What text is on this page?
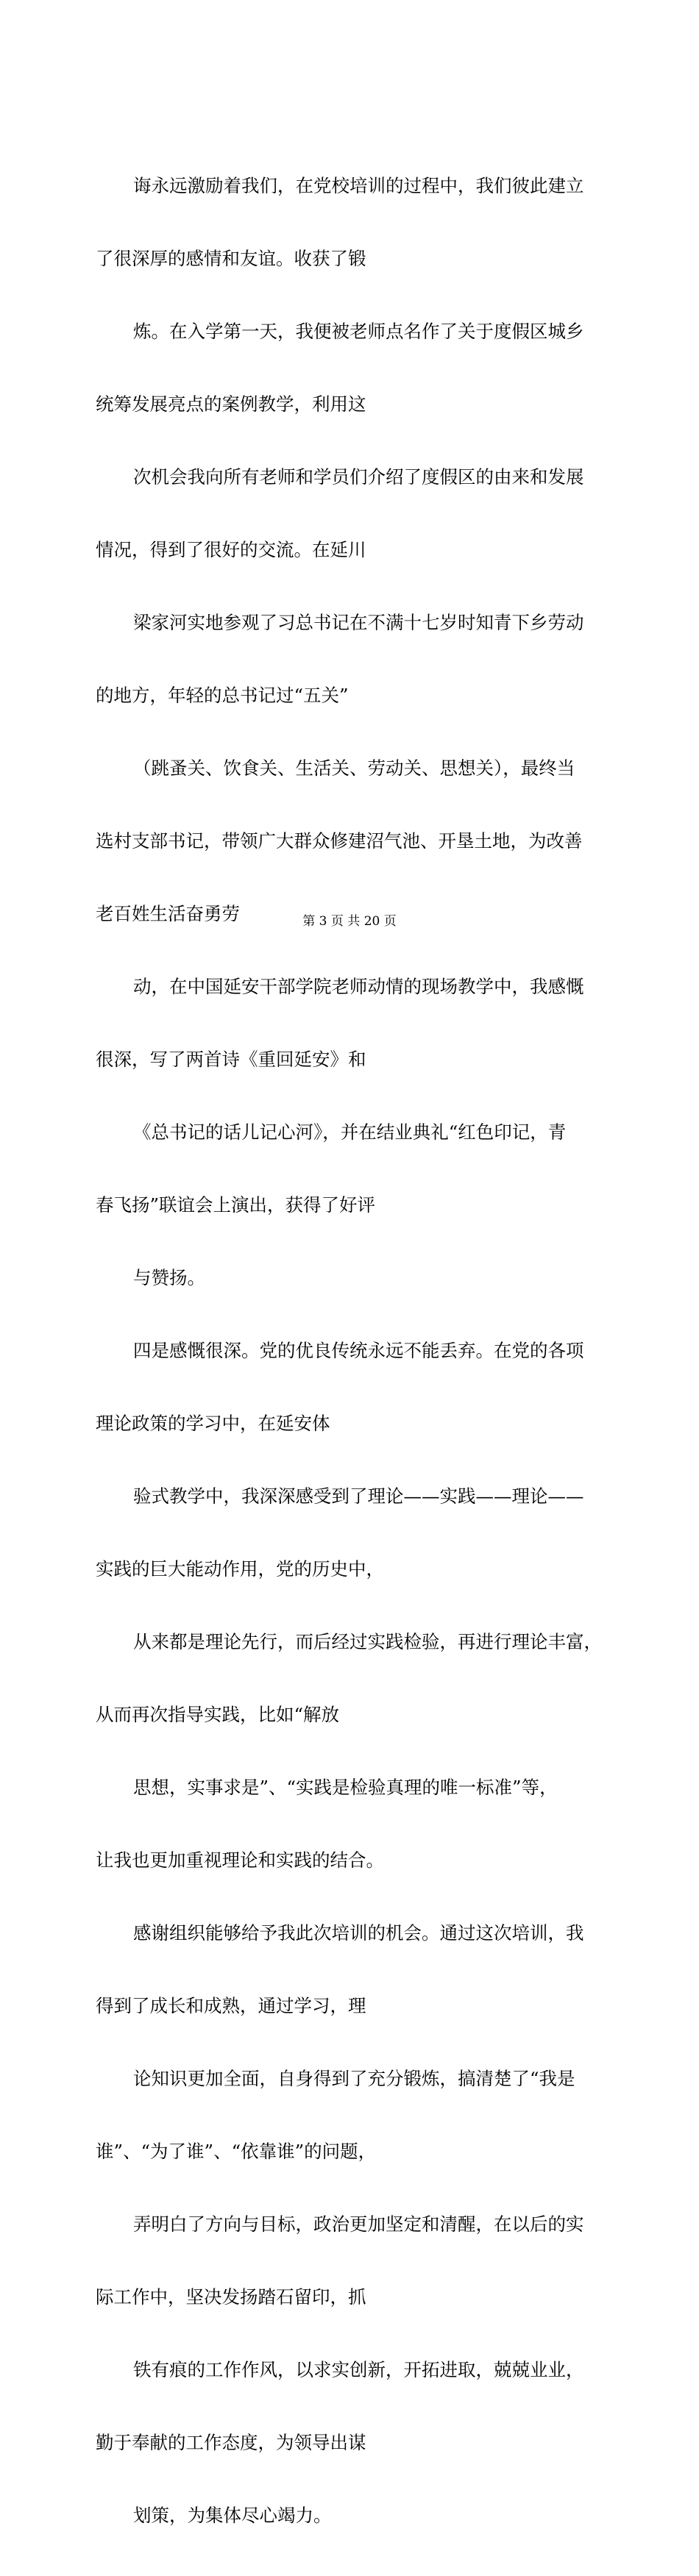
诲永远激励着我们，在党校培训的过程中，我们彼此建立

了很深厚的感情和友谊。收获了锻

炼。在入学第一天，我便被老师点名作了关于度假区城乡

统筹发展亮点的案例教学，利用这

次机会我向所有老师和学员们介绍了度假区的由来和发展

情况，得到了很好的交流。在延川

梁家河实地参观了习总书记在不满十七岁时知青下乡劳动

的地方，年轻的总书记过“五关”

（跳蚤关、饮食关、生活关、劳动关、思想关），最终当

选村支部书记，带领广大群众修建沼气池、开垦土地，为改善

老百姓生活奋勇劳

动，在中国延安干部学院老师动情的现场教学中，我感慨

很深，写了两首诗《重回延安》和

《总书记的话儿记心河》，并在结业典礼“红色印记，青

春飞扬”联谊会上演出，获得了好评

与赞扬。

四是感慨很深。党的优良传统永远不能丢弃。在党的各项

理论政策的学习中，在延安体

验式教学中，我深深感受到了理论——实践——理论——

实践的巨大能动作用，党的历史中，

从来都是理论先行，而后经过实践检验，再进行理论丰富，

从而再次指导实践，比如“解放

思想，实事求是”、“实践是检验真理的唯一标准”等，

让我也更加重视理论和实践的结合。

感谢组织能够给予我此次培训的机会。通过这次培训，我

得到了成长和成熟，通过学习，理

论知识更加全面，自身得到了充分锻炼，搞清楚了“我是

谁”、“为了谁”、“依靠谁”的问题，

弄明白了方向与目标，政治更加坚定和清醒，在以后的实

际工作中，坚决发扬踏石留印，抓

铁有痕的工作作风，以求实创新，开拓进取，兢兢业业，

勤于奉献的工作态度，为领导出谋

划策，为集体尽心竭力。

第 3 页 共 20 页
